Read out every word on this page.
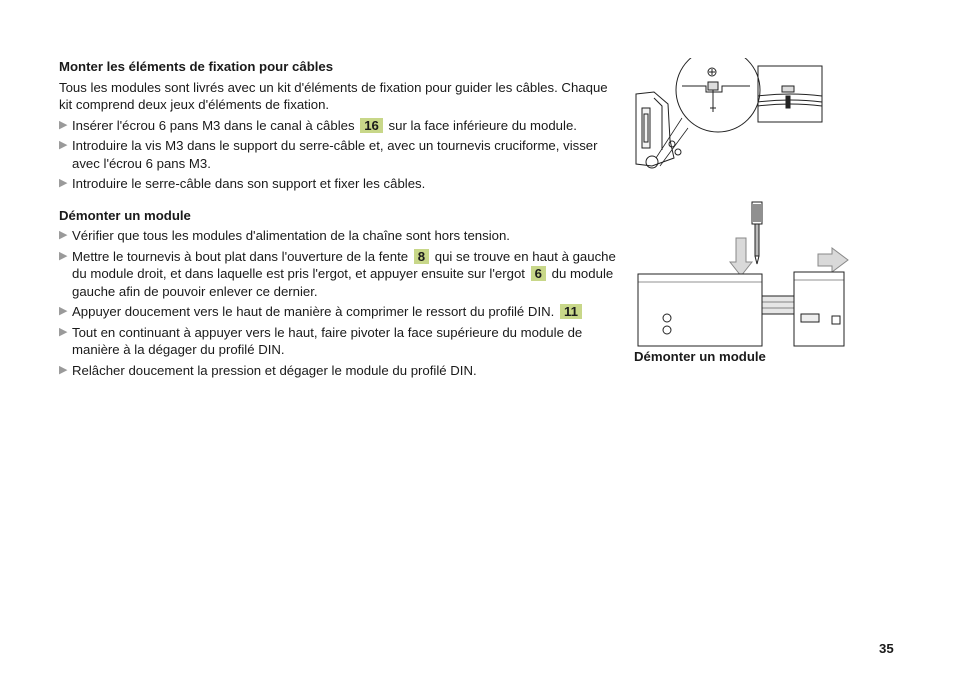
Monter les éléments de fixation pour câbles

Tous les modules sont livrés avec un kit d'éléments de fixation pour guider les câbles. Chaque kit comprend deux jeux d'éléments de fixation.

▶ Insérer l'écrou 6 pans M3 dans le canal à câbles 16 sur la face inférieure du module.
▶ Introduire la vis M3 dans le support du serre-câble et, avec un tournevis cruciforme, visser avec l'écrou 6 pans M3.
▶ Introduire le serre-câble dans son support et fixer les câbles.
Démonter un module
▶ Vérifier que tous les modules d'alimentation de la chaîne sont hors tension.
▶ Mettre le tournevis à bout plat dans l'ouverture de la fente 8 qui se trouve en haut à gauche du module droit, et dans laquelle est pris l'ergot, et appuyer ensuite sur l'ergot 6 du module gauche afin de pouvoir enlever ce dernier.
▶ Appuyer doucement vers le haut de manière à comprimer le ressort du profilé DIN. 11
▶ Tout en continuant à appuyer vers le haut, faire pivoter la face supérieure du module de manière à la dégager du profilé DIN.
▶ Relâcher doucement la pression et dégager le module du profilé DIN.
Démonter un module
35
